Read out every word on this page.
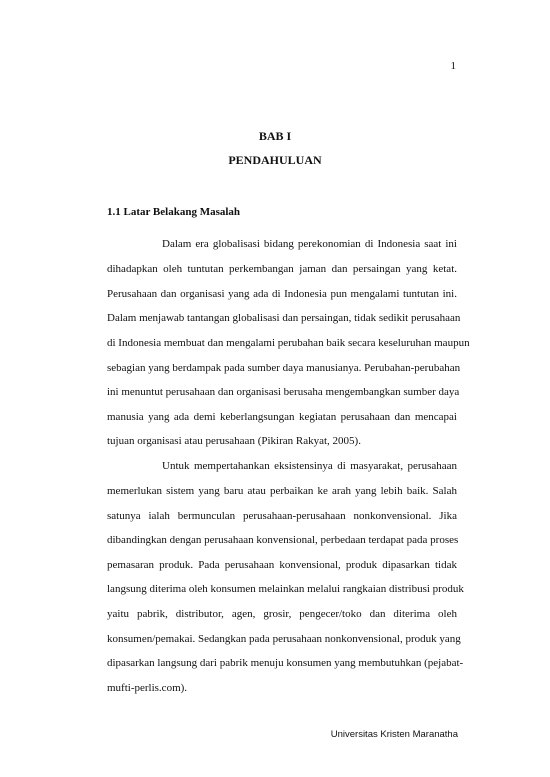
1
BAB I
PENDAHULUAN
1.1 Latar Belakang Masalah
Dalam era globalisasi bidang perekonomian di Indonesia saat ini
dihadapkan oleh tuntutan perkembangan jaman dan persaingan yang ketat.
Perusahaan dan organisasi yang ada di Indonesia pun mengalami tuntutan ini.
Dalam menjawab tantangan globalisasi dan persaingan, tidak sedikit perusahaan
di Indonesia membuat dan mengalami perubahan baik secara keseluruhan maupun
sebagian yang berdampak pada sumber daya manusianya. Perubahan-perubahan
ini menuntut perusahaan dan organisasi berusaha mengembangkan sumber daya
manusia yang ada demi keberlangsungan kegiatan perusahaan dan mencapai
tujuan organisasi atau perusahaan (Pikiran Rakyat, 2005).
Untuk mempertahankan eksistensinya di masyarakat, perusahaan
memerlukan sistem yang baru atau perbaikan ke arah yang lebih baik. Salah
satunya ialah bermunculan perusahaan-perusahaan nonkonvensional. Jika
dibandingkan dengan perusahaan konvensional, perbedaan terdapat pada proses
pemasaran produk. Pada perusahaan konvensional, produk dipasarkan tidak
langsung diterima oleh konsumen melainkan melalui rangkaian distribusi produk
yaitu pabrik, distributor, agen, grosir, pengecer/toko dan diterima oleh
konsumen/pemakai. Sedangkan pada perusahaan nonkonvensional, produk yang
dipasarkan langsung dari pabrik menuju konsumen yang membutuhkan (pejabat-
mufti-perlis.com).
Universitas Kristen Maranatha
